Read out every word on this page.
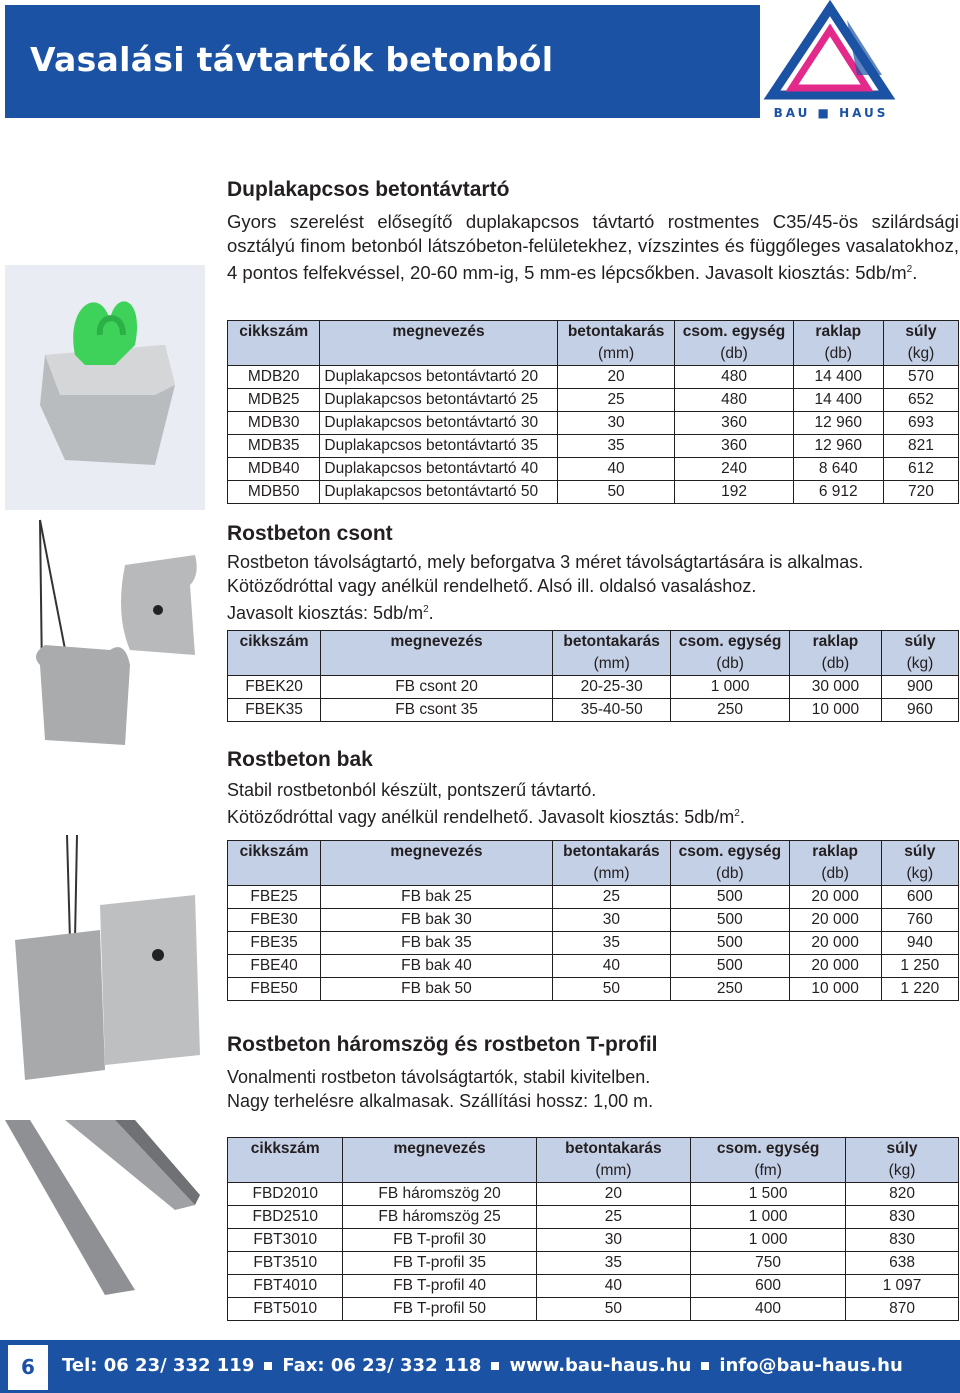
Vasalási távtartók betonból
BAU ■ HAUS
Duplakapcsos betontávtartó

Gyors szerelést elősegítő duplakapcsos távtartó rostmentes C35/45-ös szilárdsági osztályú finom betonból látszóbeton-felületekhez, vízszintes és függőleges vasalatokhoz, 4 pontos felfekvéssel, 20-60 mm-ig, 5 mm-es lépcsőkben. Javasolt kiosztás: $5db/m^2$.

cikkszám	megnevezés	betontakarás	csom. egység	raklap	súly
		(mm)	(db)	(db)	(kg)
MDB20	Duplakapcsos betontávtartó 20	20	480	14 400	570
MDB25	Duplakapcsos betontávtartó 25	25	480	14 400	652
MDB30	Duplakapcsos betontávtartó 30	30	360	12 960	693
MDB35	Duplakapcsos betontávtartó 35	35	360	12 960	821
MDB40	Duplakapcsos betontávtartó 40	40	240	8 640	612
MDB50	Duplakapcsos betontávtartó 50	50	192	6 912	720
Rostbeton csont

Rostbeton távolságtartó, mely beforgatva 3 méret távolságtartására is alkalmas.

Kötöződróttal vagy anélkül rendelhető. Alsó ill. oldalsó vasaláshoz.

Javasolt kiosztás: $5db/m^2$.

cikkszám	megnevezés	betontakarás	csom. egység	raklap	súly
		(mm)	(db)	(db)	(kg)
FBEK20	FB csont 20	20-25-30	1 000	30 000	900
FBEK35	FB csont 35	35-40-50	250	10 000	960
Rostbeton bak

Stabil rostbetonból készült, pontszerű távtartó.

Kötöződróttal vagy anélkül rendelhető. Javasolt kiosztás: $5db/m^2$.

cikkszám	megnevezés	betontakarás	csom. egység	raklap	súly
		(mm)	(db)	(db)	(kg)
FBE25	FB bak 25	25	500	20 000	600
FBE30	FB bak 30	30	500	20 000	760
FBE35	FB bak 35	35	500	20 000	940
FBE40	FB bak 40	40	500	20 000	1 250
FBE50	FB bak 50	50	250	10 000	1 220
Rostbeton háromszög és rostbeton T-profil

Vonalmenti rostbeton távolságtartók, stabil kivitelben.

Nagy terhelésre alkalmasak. Szállítási hossz: 1,00 m.

cikkszám	megnevezés	betontakarás	csom. egység	súly
		(mm)	(fm)	(kg)
FBD2010	FB háromszög 20	20	1 500	820
FBD2510	FB háromszög 25	25	1 000	830
FBT3010	FB T-profil 30	30	1 000	830
FBT3510	FB T-profil 35	35	750	638
FBT4010	FB T-profil 40	40	600	1 097
FBT5010	FB T-profil 50	50	400	870
6	Tel: 06 23/ 332 119 Fax: 06 23/ 332 118 www.bau-haus.hu info@bau-haus.hu
